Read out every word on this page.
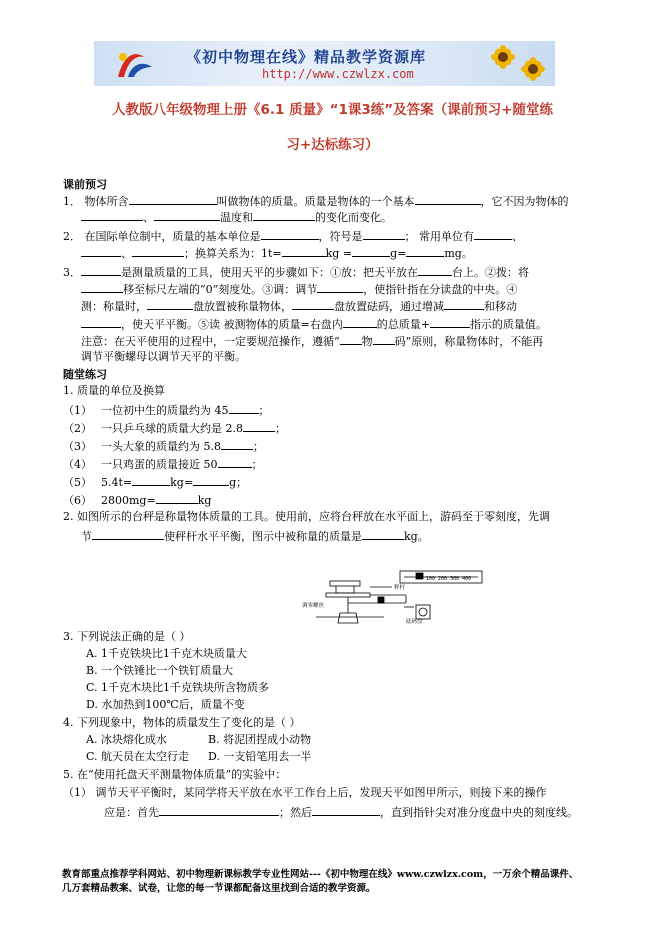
《初中物理在线》精品教学资源库
http://www.czwlzx.com
人教版八年级物理上册《6.1 质量》“1课3练”及答案（课前预习+随堂练
习+达标练习）
课前预习
1． 物体所含	叫做物体的质量。质量是物体的一个基本	，它不因为物体的
、	温度和	的变化而变化。
2． 在国际单位制中，质量的基本单位是	，符号是	； 常用单位有	、
、	；换算关系为：1t=	kg =	g=	mg。
3．	是测量质量的工具，使用天平的步骤如下：①放：把天平放在	台上。②拨：将
移至标尺左端的“0”刻度处。③调：调节	，使指针指在分读盘的中央。④
测：称量时，	盘放置被称量物体，	盘放置砝码，通过增减	和移动
，使天平平衡。⑤读 被测物体的质量=右盘内	的总质量+	指示的质量值。
注意：在天平使用的过程中，一定要规范操作，遵循“ 物 码”原则，称量物体时，不能再
调节平衡螺母以调节天平的平衡。
随堂练习
1. 质量的单位及换算
（1） 一位初中生的质量约为 45	；
（2） 一只乒乓球的质量大约是 2.8	；
（3） 一头大象的质量约为 5.8	；
（4） 一只鸡蛋的质量接近 50	；
（5） 5.4t=	kg=	g；
（6） 2800mg=	kg
2. 如图所示的台秤是称量物体质量的工具。使用前，应将台秤放在水平面上，游码至于零刻度，先调
节	使秤杆水平平衡，图示中被称量的质量是	kg。
100 200 300 400
秤杆
调零螺丝
砝码盘
3. 下列说法正确的是（ ）
A. 1千克铁块比1千克木块质量大
B. 一个铁锤比一个铁钉质量大
C. 1千克木块比1千克铁块所含物质多
D. 水加热到100℃后，质量不变
4. 下列现象中，物体的质量发生了变化的是（ ）
A. 冰块熔化成水	B. 将泥团捏成小动物
C. 航天员在太空行走 D. 一支铅笔用去一半
5. 在“使用托盘天平测量物体质量”的实验中：
（1） 调节天平平衡时，某同学将天平放在水平工作台上后，发现天平如图甲所示，则接下来的操作
应是：首先	；然后	，直到指针尖对准分度盘中央的刻度线。
教育部重点推荐学科网站、初中物理新课标教学专业性网站---《初中物理在线》www.czwlzx.com，一万余个精品课件、
几万套精品教案、试卷，让您的每一节课都配备这里找到合适的教学资源。
